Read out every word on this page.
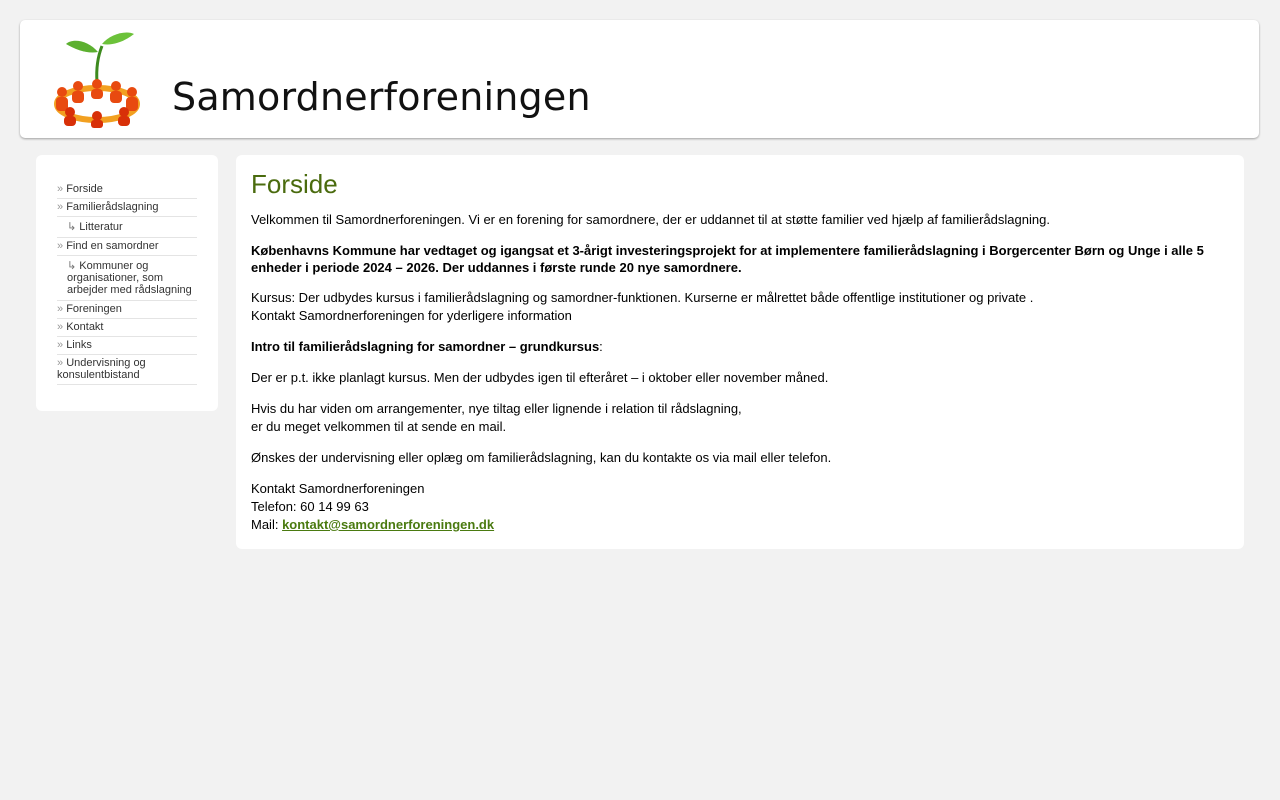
Samordnerforeningen
» Forside
» Familierådslagning
↳ Litteratur
» Find en samordner
↳ Kommuner og organisationer, som arbejder med rådslagning
» Foreningen
» Kontakt
» Links
» Undervisning og konsulentbistand
Forside

Velkommen til Samordnerforeningen. Vi er en forening for samordnere, der er uddannet til at støtte familier ved hjælp af familierådslagning.

Københavns Kommune har vedtaget og igangsat et 3-årigt investeringsprojekt for at implementere familierådslagning i Borgercenter Børn og Unge i alle 5 enheder i periode 2024 – 2026. Der uddannes i første runde 20 nye samordnere.

Kursus: Der udbydes kursus i familierådslagning og samordner-funktionen. Kurserne er målrettet både offentlige institutioner og private .
Kontakt Samordnerforeningen for yderligere information

Intro til familierådslagning for samordner – grundkursus:

Der er p.t. ikke planlagt kursus. Men der udbydes igen til efteråret – i oktober eller november måned.

Hvis du har viden om arrangementer, nye tiltag eller lignende i relation til rådslagning,
er du meget velkommen til at sende en mail.

Ønskes der undervisning eller oplæg om familierådslagning, kan du kontakte os via mail eller telefon.

Kontakt Samordnerforeningen
Telefon: 60 14 99 63
Mail: kontakt@samordnerforeningen.dk
